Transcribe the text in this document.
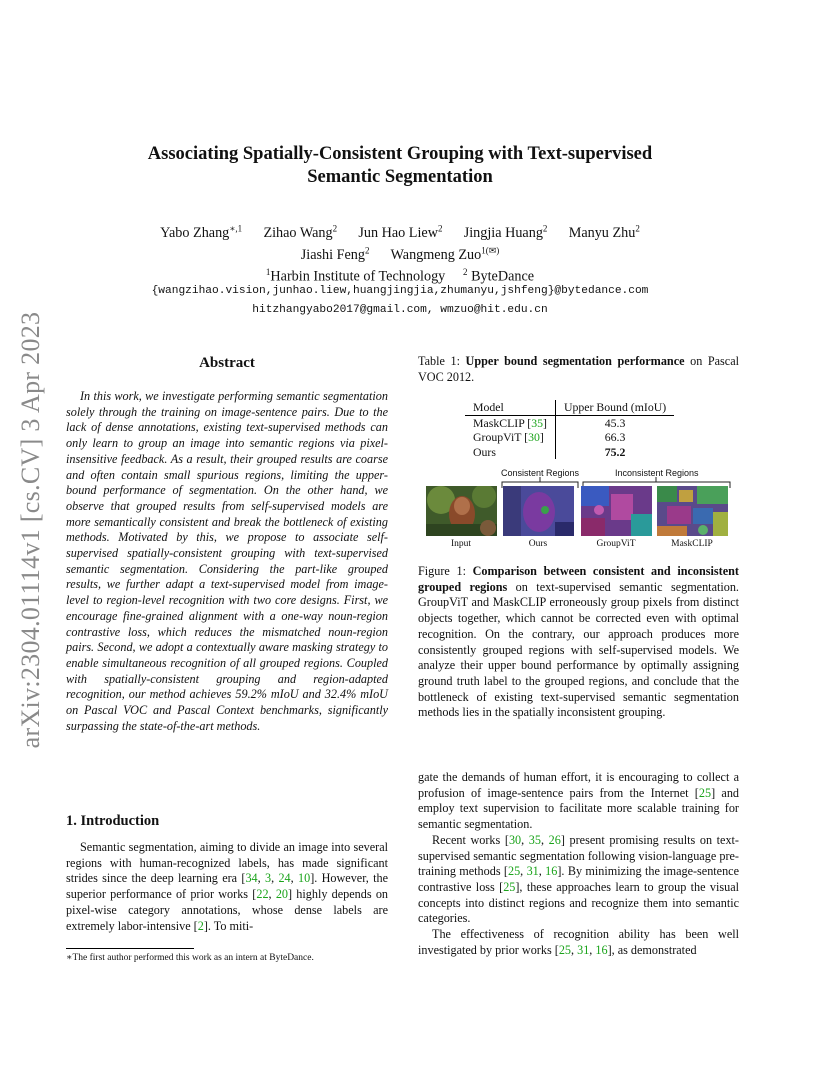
arXiv:2304.01114v1 [cs.CV] 3 Apr 2023
Associating Spatially-Consistent Grouping with Text-supervised
Semantic Segmentation
Yabo Zhang$^{∗,1}$ Zihao Wang$^2$ Jun Hao Liew$^2$ Jingjia Huang$^2$ Manyu Zhu$^2$
Jiashi Feng$^2$ Wangmeng Zuo$^{1(✉)}$
$^1$Harbin Institute of Technology $^2$ ByteDance
{wangzihao.vision,junhao.liew,huangjingjia,zhumanyu,jshfeng}@bytedance.com
hitzhangyabo2017@gmail.com, wmzuo@hit.edu.cn
Abstract
In this work, we investigate performing semantic segmentation solely through the training on image-sentence pairs. Due to the lack of dense annotations, existing text-supervised methods can only learn to group an image into semantic regions via pixel-insensitive feedback. As a result, their grouped results are coarse and often contain small spurious regions, limiting the upper-bound performance of segmentation. On the other hand, we observe that grouped results from self-supervised models are more semantically consistent and break the bottleneck of existing methods. Motivated by this, we propose to associate self-supervised spatially-consistent grouping with text-supervised semantic segmentation. Considering the part-like grouped results, we further adapt a text-supervised model from image-level to region-level recognition with two core designs. First, we encourage fine-grained alignment with a one-way noun-region contrastive loss, which reduces the mismatched noun-region pairs. Second, we adopt a contextually aware masking strategy to enable simultaneous recognition of all grouped regions. Coupled with spatially-consistent grouping and region-adapted recognition, our method achieves 59.2% mIoU and 32.4% mIoU on Pascal VOC and Pascal Context benchmarks, significantly surpassing the state-of-the-art methods.
1. Introduction

Semantic segmentation, aiming to divide an image into several regions with human-recognized labels, has made significant strides since the deep learning era [34, 3, 24, 10]. However, the superior performance of prior works [22, 20] highly depends on pixel-wise category annotations, whose dense labels are extremely labor-intensive [2]. To miti-

∗The first author performed this work as an intern at ByteDance.
Table 1: Upper bound segmentation performance on Pascal VOC 2012.
Model	Upper Bound (mIoU)
MaskCLIP [35]	45.3
GroupViT [30]	66.3
Ours	75.2
Consistent Regions	Inconsistent Regions
Input	Ours	GroupViT	MaskCLIP
Figure 1: Comparison between consistent and inconsistent grouped regions on text-supervised semantic segmentation. GroupViT and MaskCLIP erroneously group pixels from distinct objects together, which cannot be corrected even with optimal recognition. On the contrary, our approach produces more consistently grouped regions with self-supervised models. We analyze their upper bound performance by optimally assigning ground truth label to the grouped regions, and conclude that the bottleneck of existing text-supervised semantic segmentation methods lies in the spatially inconsistent grouping.

gate the demands of human effort, it is encouraging to collect a profusion of image-sentence pairs from the Internet [25] and employ text supervision to facilitate more scalable training for semantic segmentation.

Recent works [30, 35, 26] present promising results on text-supervised semantic segmentation following vision-language pre-training methods [25, 31, 16]. By minimizing the image-sentence contrastive loss [25], these approaches learn to group the visual concepts into distinct regions and recognize them into semantic categories.

The effectiveness of recognition ability has been well investigated by prior works [25, 31, 16], as demonstrated
